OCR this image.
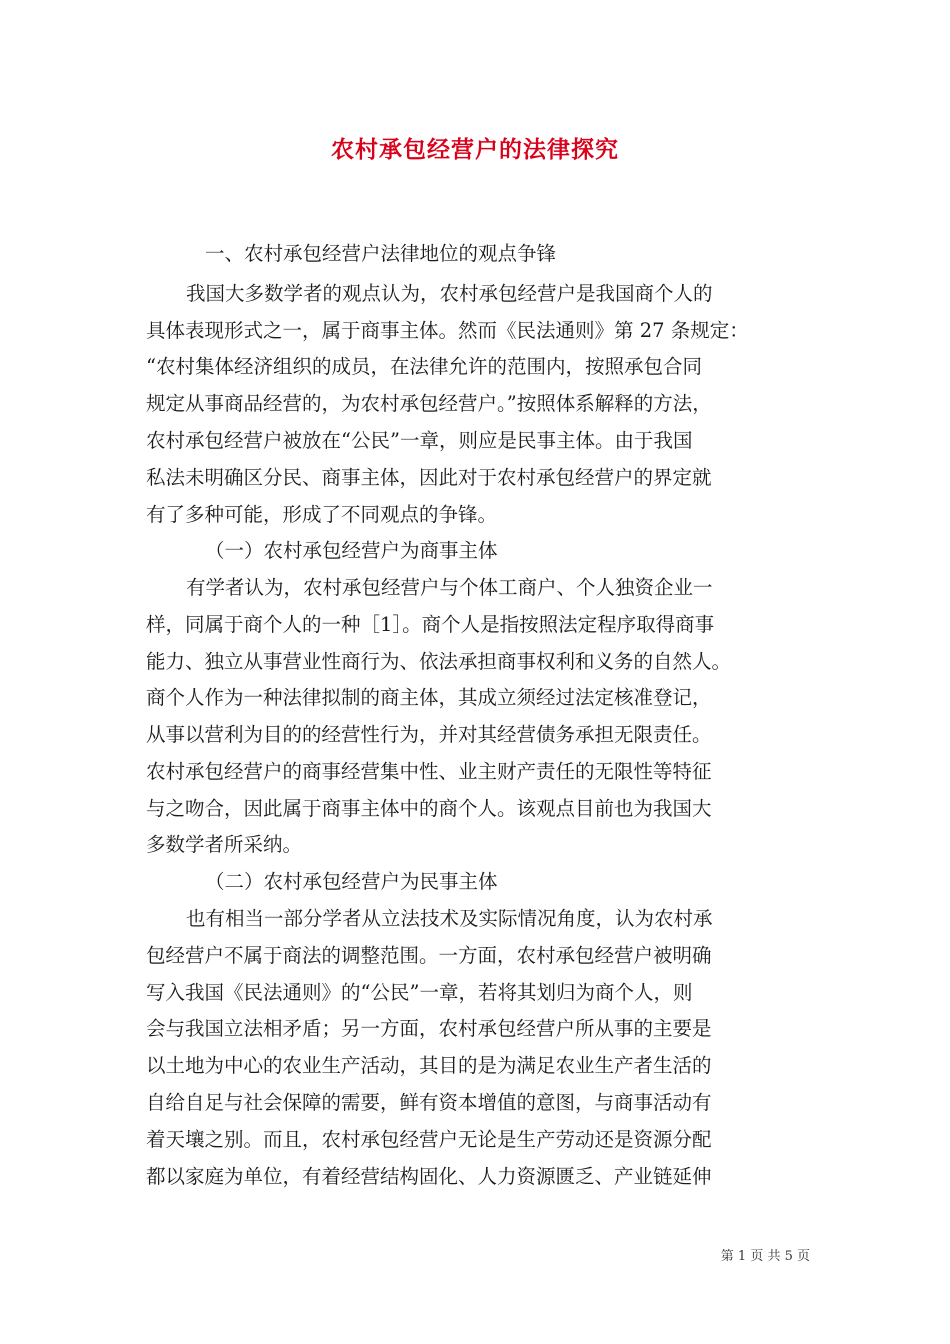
农村承包经营户的法律探究
一、农村承包经营户法律地位的观点争锋
我国大多数学者的观点认为，农村承包经营户是我国商个人的
具体表现形式之一，属于商事主体。然而《民法通则》第 27 条规定：
“农村集体经济组织的成员，在法律允许的范围内，按照承包合同
规定从事商品经营的，为农村承包经营户。”按照体系解释的方法，
农村承包经营户被放在“公民”一章，则应是民事主体。由于我国
私法未明确区分民、商事主体，因此对于农村承包经营户的界定就
有了多种可能，形成了不同观点的争锋。
（一）农村承包经营户为商事主体
有学者认为，农村承包经营户与个体工商户、个人独资企业一
样，同属于商个人的一种［1］。商个人是指按照法定程序取得商事
能力、独立从事营业性商行为、依法承担商事权利和义务的自然人。
商个人作为一种法律拟制的商主体，其成立须经过法定核准登记，
从事以营利为目的的经营性行为，并对其经营债务承担无限责任。
农村承包经营户的商事经营集中性、业主财产责任的无限性等特征
与之吻合，因此属于商事主体中的商个人。该观点目前也为我国大
多数学者所采纳。
（二）农村承包经营户为民事主体
也有相当一部分学者从立法技术及实际情况角度，认为农村承
包经营户不属于商法的调整范围。一方面，农村承包经营户被明确
写入我国《民法通则》的“公民”一章，若将其划归为商个人，则
会与我国立法相矛盾；另一方面，农村承包经营户所从事的主要是
以土地为中心的农业生产活动，其目的是为满足农业生产者生活的
自给自足与社会保障的需要，鲜有资本增值的意图，与商事活动有
着天壤之别。而且，农村承包经营户无论是生产劳动还是资源分配
都以家庭为单位，有着经营结构固化、人力资源匮乏、产业链延伸
第 1 页 共 5 页
